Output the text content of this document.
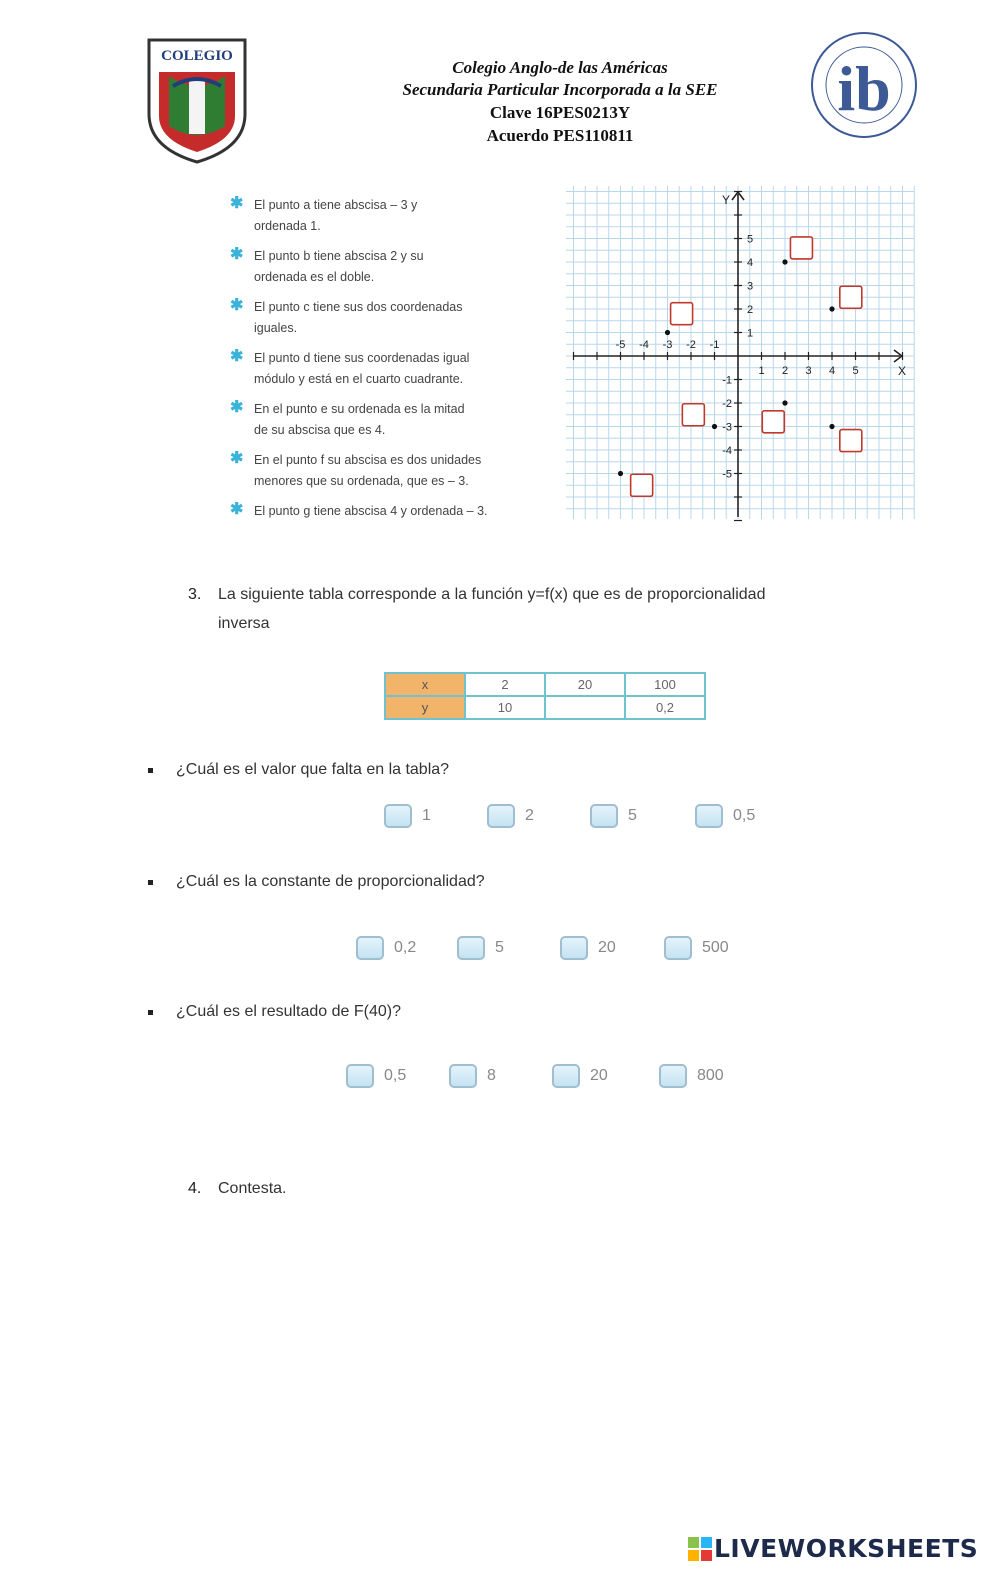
COLEGIO
Colegio Anglo-de las Américas
Secundaria Particular Incorporada a la SEE
Clave 16PES0213Y
Acuerdo PES110811
ib
✱ El punto a tiene abscisa – 3 y
ordenada 1.
✱ El punto b tiene abscisa 2 y su
ordenada es el doble.
✱ El punto c tiene sus dos coordenadas
iguales.
✱ El punto d tiene sus coordenadas igual
módulo y está en el cuarto cuadrante.
✱ En el punto e su ordenada es la mitad
de su abscisa que es 4.
✱ En el punto f su abscisa es dos unidades
menores que su ordenada, que es – 3.
✱ El punto g tiene abscisa 4 y ordenada – 3.
-5 -4 -3 -2 -1
1 2 3 4 5
-5
-4
-3
-2
-1
1
2
3
4
5
X
Y
3. La siguiente tabla corresponde a la función y=f(x) que es de proporcionalidad
inversa
x	2	20	100
y	10		0,2
¿Cuál es el valor que falta en la tabla?
1	2	5	0,5
¿Cuál es la constante de proporcionalidad?
0,2	5	20	500
¿Cuál es el resultado de F(40)?
0,5	8	20	800
4. Contesta.
LIVEWORKSHEETS
